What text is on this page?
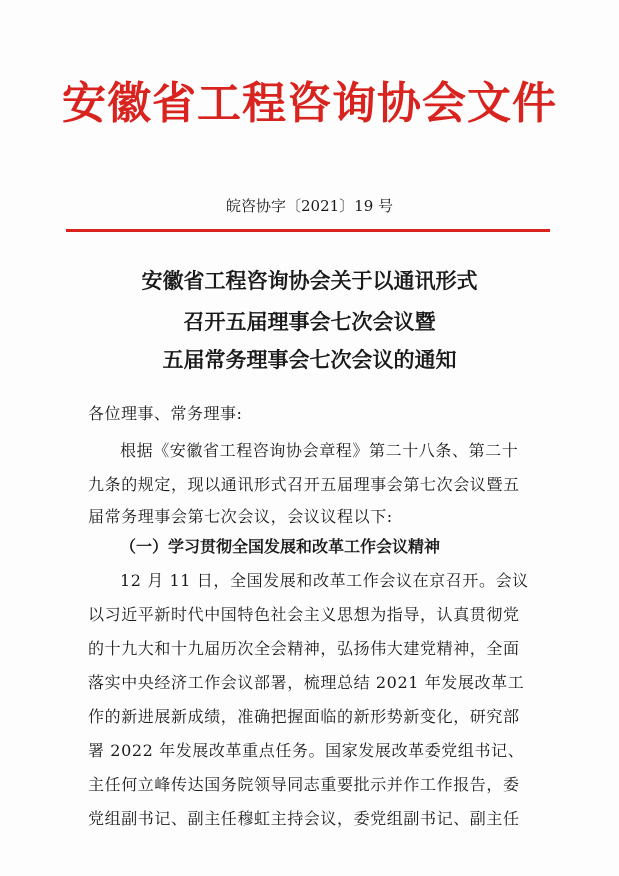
安徽省工程咨询协会文件
皖咨协字〔2021〕19 号
安徽省工程咨询协会关于以通讯形式
召开五届理事会七次会议暨
五届常务理事会七次会议的通知
各位理事、常务理事:
根据《安徽省工程咨询协会章程》第二十八条、第二十
九条的规定，现以通讯形式召开五届理事会第七次会议暨五
届常务理事会第七次会议，会议议程以下:
（一）学习贯彻全国发展和改革工作会议精神
12 月 11 日，全国发展和改革工作会议在京召开。会议
以习近平新时代中国特色社会主义思想为指导，认真贯彻党
的十九大和十九届历次全会精神，弘扬伟大建党精神，全面
落实中央经济工作会议部署，梳理总结 2021 年发展改革工
作的新进展新成绩，准确把握面临的新形势新变化，研究部
署 2022 年发展改革重点任务。国家发展改革委党组书记、
主任何立峰传达国务院领导同志重要批示并作工作报告，委
党组副书记、副主任穆虹主持会议，委党组副书记、副主任
